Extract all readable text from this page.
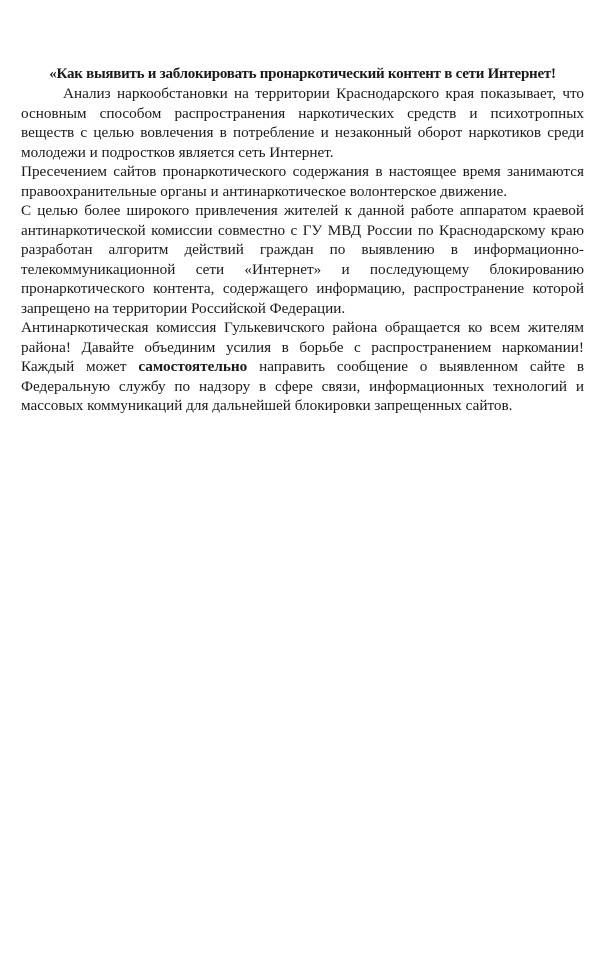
«Как выявить и заблокировать пронаркотический контент в сети Интернет!

Анализ наркообстановки на территории Краснодарского края показывает, что основным способом распространения наркотических средств и психотропных веществ с целью вовлечения в потребление и незаконный оборот наркотиков среди молодежи и подростков является сеть Интернет.

Пресечением сайтов пронаркотического содержания в настоящее время занимаются правоохранительные органы и антинаркотическое волонтерское движение.

С целью более широкого привлечения жителей к данной работе аппаратом краевой антинаркотической комиссии совместно с ГУ МВД России по Краснодарскому краю разработан алгоритм действий граждан по выявлению в информационно-телекоммуникационной сети «Интернет» и последующему блокированию пронаркотического контента, содержащего информацию, распространение которой запрещено на территории Российской Федерации.

Антинаркотическая комиссия Гулькевичского района обращается ко всем жителям района! Давайте объединим усилия в борьбе с распространением наркомании! Каждый может самостоятельно направить сообщение о выявленном сайте в Федеральную службу по надзору в сфере связи, информационных технологий и массовых коммуникаций для дальнейшей блокировки запрещенных сайтов.
